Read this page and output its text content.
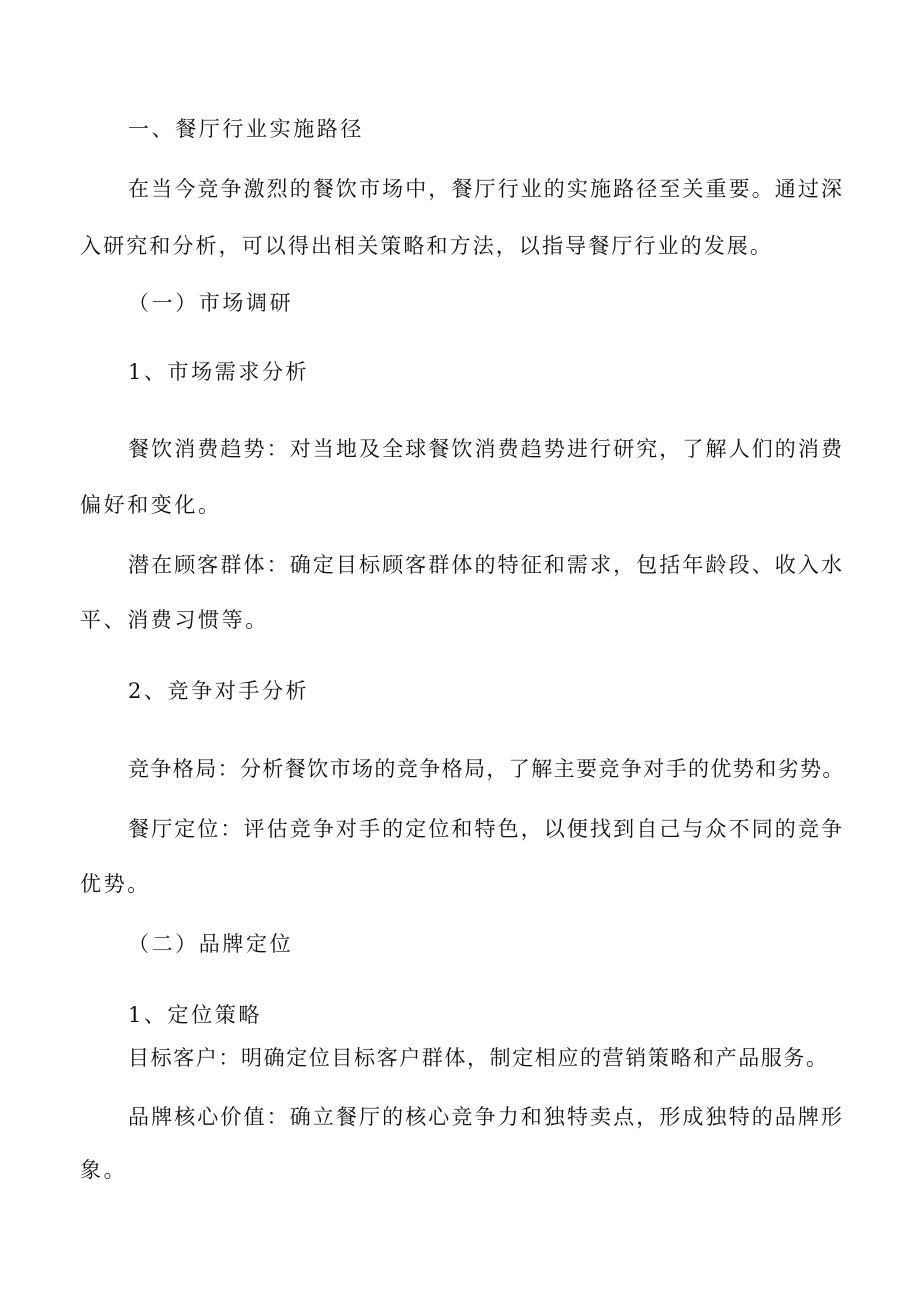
一、餐厅行业实施路径
在当今竞争激烈的餐饮市场中，餐厅行业的实施路径至关重要。通过深
入研究和分析，可以得出相关策略和方法，以指导餐厅行业的发展。
（一）市场调研
1、市场需求分析
餐饮消费趋势：对当地及全球餐饮消费趋势进行研究，了解人们的消费
偏好和变化。
潜在顾客群体：确定目标顾客群体的特征和需求，包括年龄段、收入水
平、消费习惯等。
2、竞争对手分析
竞争格局：分析餐饮市场的竞争格局，了解主要竞争对手的优势和劣势。
餐厅定位：评估竞争对手的定位和特色，以便找到自己与众不同的竞争
优势。
（二）品牌定位
1、定位策略
目标客户：明确定位目标客户群体，制定相应的营销策略和产品服务。
品牌核心价值：确立餐厅的核心竞争力和独特卖点，形成独特的品牌形
象。
